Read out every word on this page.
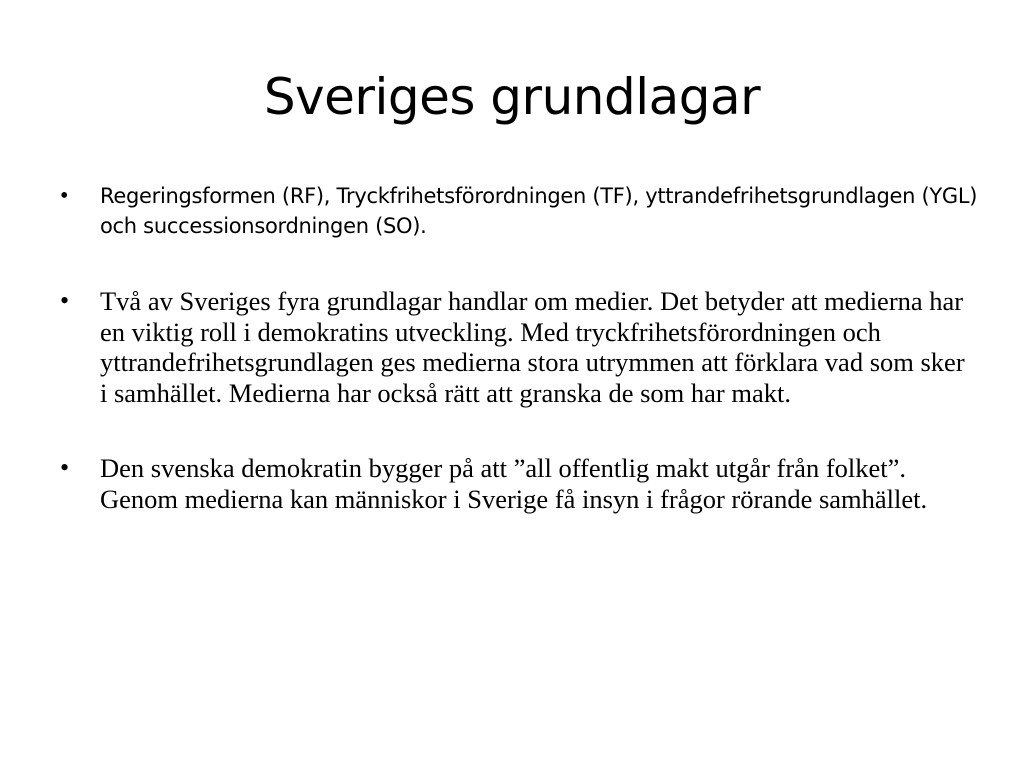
Sveriges grundlagar
• Regeringsformen (RF), Tryckfrihetsförordningen (TF), yttrandefrihetsgrundlagen (YGL) och successionsordningen (SO).
• Två av Sveriges fyra grundlagar handlar om medier. Det betyder att medierna har en viktig roll i demokratins utveckling. Med tryckfrihetsförordningen och yttrandefrihetsgrundlagen ges medierna stora utrymmen att förklara vad som sker i samhället. Medierna har också rätt att granska de som har makt.
• Den svenska demokratin bygger på att ”all offentlig makt utgår från folket”. Genom medierna kan människor i Sverige få insyn i frågor rörande samhället.
